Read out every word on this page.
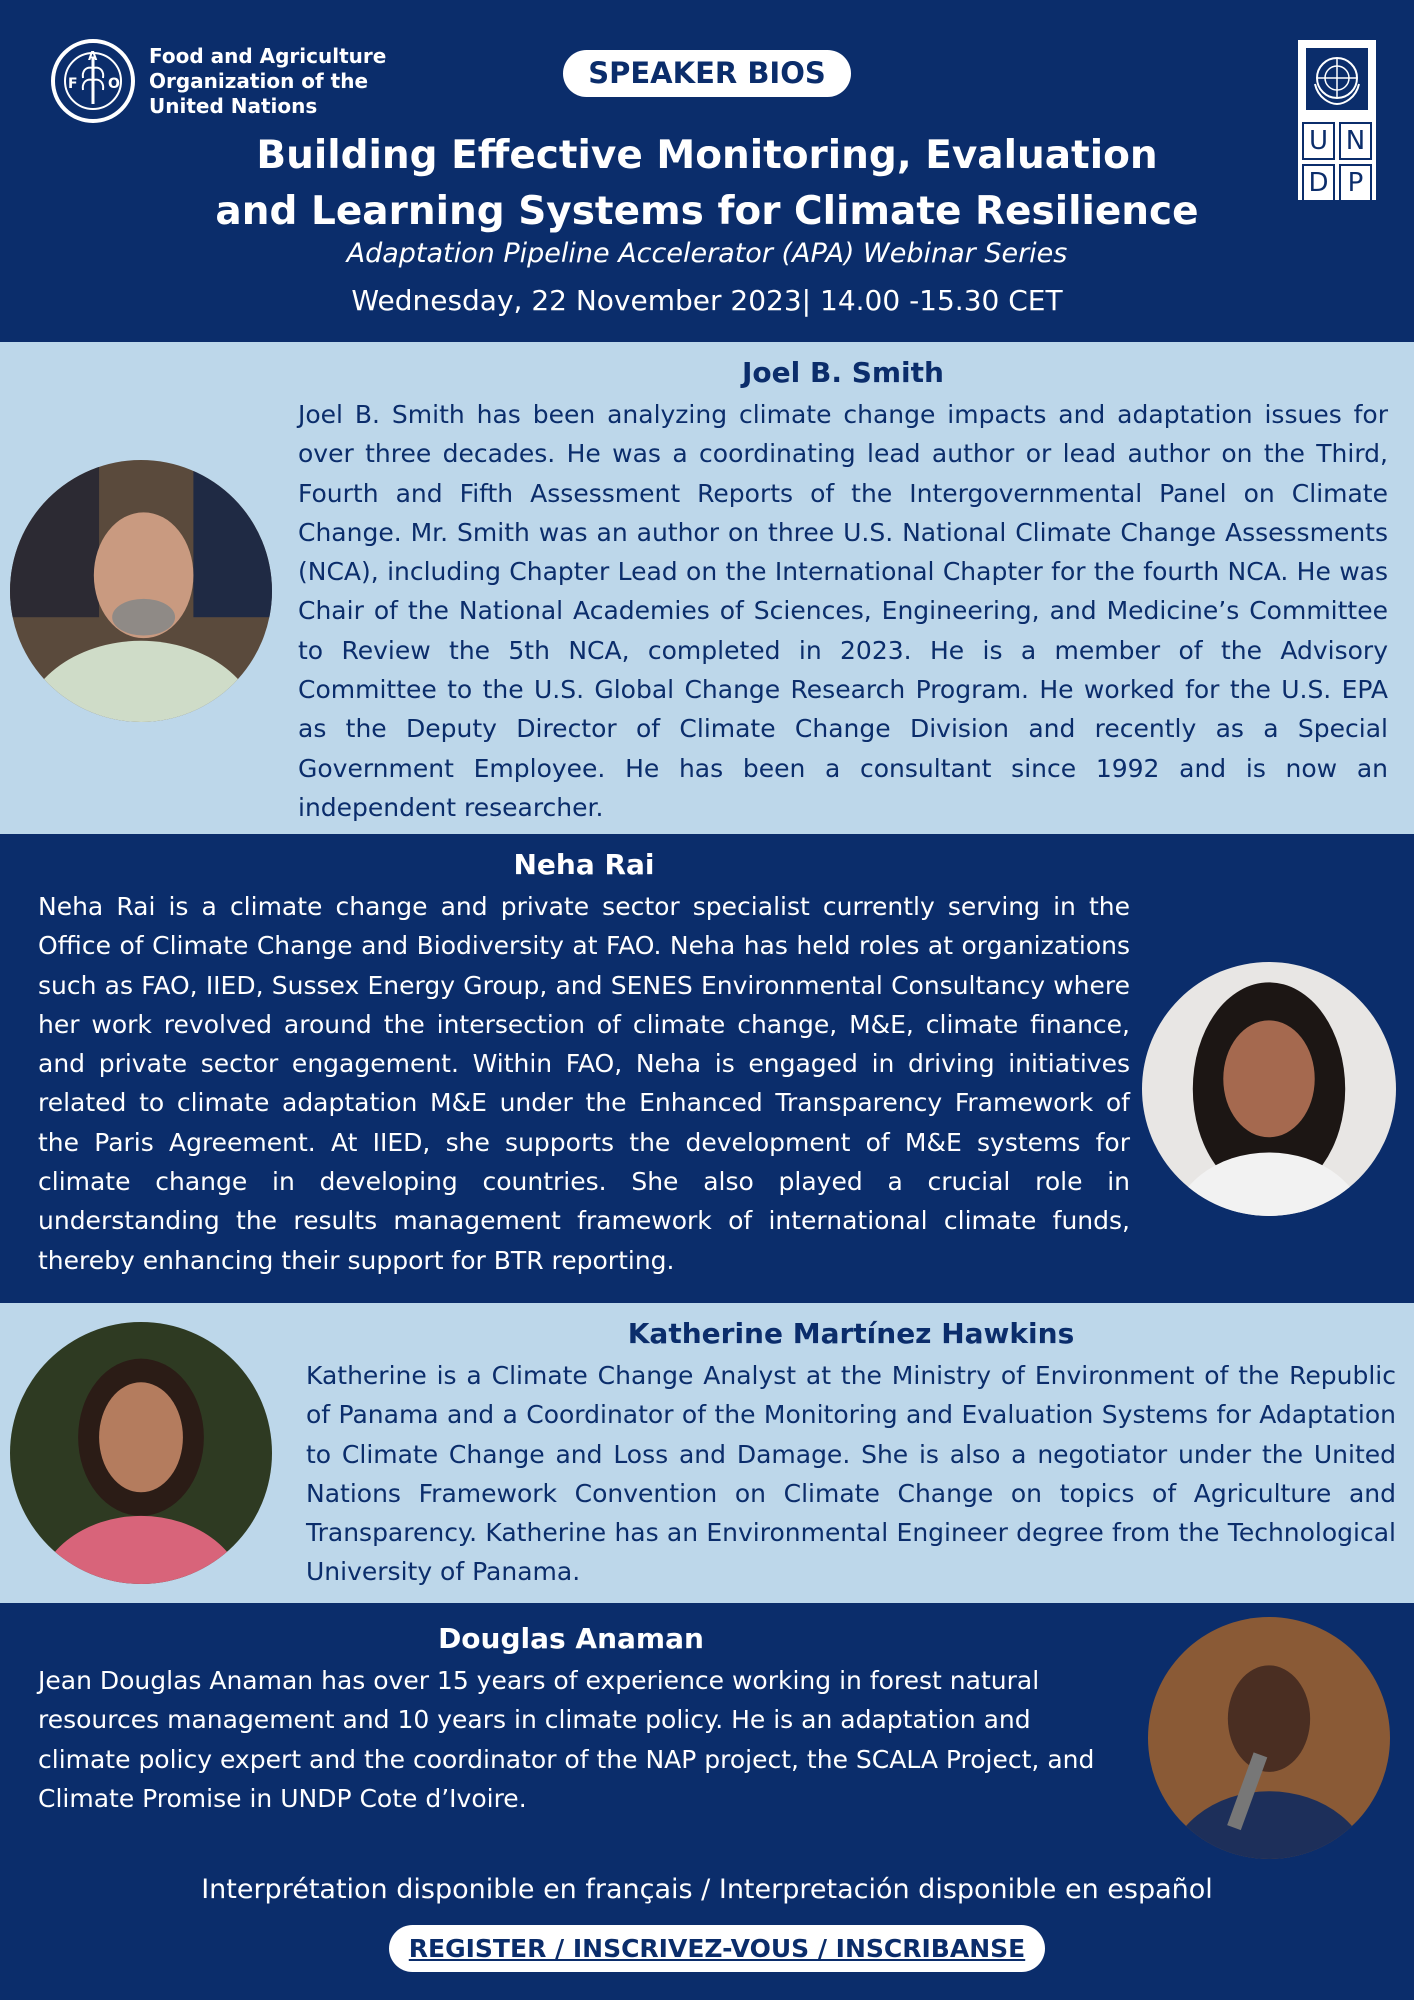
F O
A	Food and Agriculture
Organization of the
United Nations
SPEAKER BIOS
Building Effective Monitoring, Evaluation
and Learning Systems for Climate Resilience
Adaptation Pipeline Accelerator (APA) Webinar Series
Wednesday, 22 November 2023| 14.00 -15.30 CET
U N
D P
Joel B. Smith
Joel B. Smith has been analyzing climate change impacts and adaptation issues for over three decades. He was a coordinating lead author or lead author on the Third, Fourth and Fifth Assessment Reports of the Intergovernmental Panel on Climate Change. Mr. Smith was an author on three U.S. National Climate Change Assessments (NCA), including Chapter Lead on the International Chapter for the fourth NCA. He was Chair of the National Academies of Sciences, Engineering, and Medicine’s Committee to Review the 5th NCA, completed in 2023. He is a member of the Advisory Committee to the U.S. Global Change Research Program. He worked for the U.S. EPA as the Deputy Director of Climate Change Division and recently as a Special Government Employee. He has been a consultant since 1992 and is now an independent researcher.
Neha Rai
Neha Rai is a climate change and private sector specialist currently serving in the Office of Climate Change and Biodiversity at FAO. Neha has held roles at organizations such as FAO, IIED, Sussex Energy Group, and SENES Environmental Consultancy where her work revolved around the intersection of climate change, M&E, climate finance, and private sector engagement. Within FAO, Neha is engaged in driving initiatives related to climate adaptation M&E under the Enhanced Transparency Framework of the Paris Agreement. At IIED, she supports the development of M&E systems for climate change in developing countries. She also played a crucial role in understanding the results management framework of international climate funds, thereby enhancing their support for BTR reporting.
Katherine Martínez Hawkins
Katherine is a Climate Change Analyst at the Ministry of Environment of the Republic of Panama and a Coordinator of the Monitoring and Evaluation Systems for Adaptation to Climate Change and Loss and Damage. She is also a negotiator under the United Nations Framework Convention on Climate Change on topics of Agriculture and Transparency. Katherine has an Environmental Engineer degree from the Technological University of Panama.
Douglas Anaman
Jean Douglas Anaman has over 15 years of experience working in forest natural resources management and 10 years in climate policy. He is an adaptation and climate policy expert and the coordinator of the NAP project, the SCALA Project, and Climate Promise in UNDP Cote d’Ivoire.
Interprétation disponible en français / Interpretación disponible en español
REGISTER / INSCRIVEZ-VOUS / INSCRIBANSE
